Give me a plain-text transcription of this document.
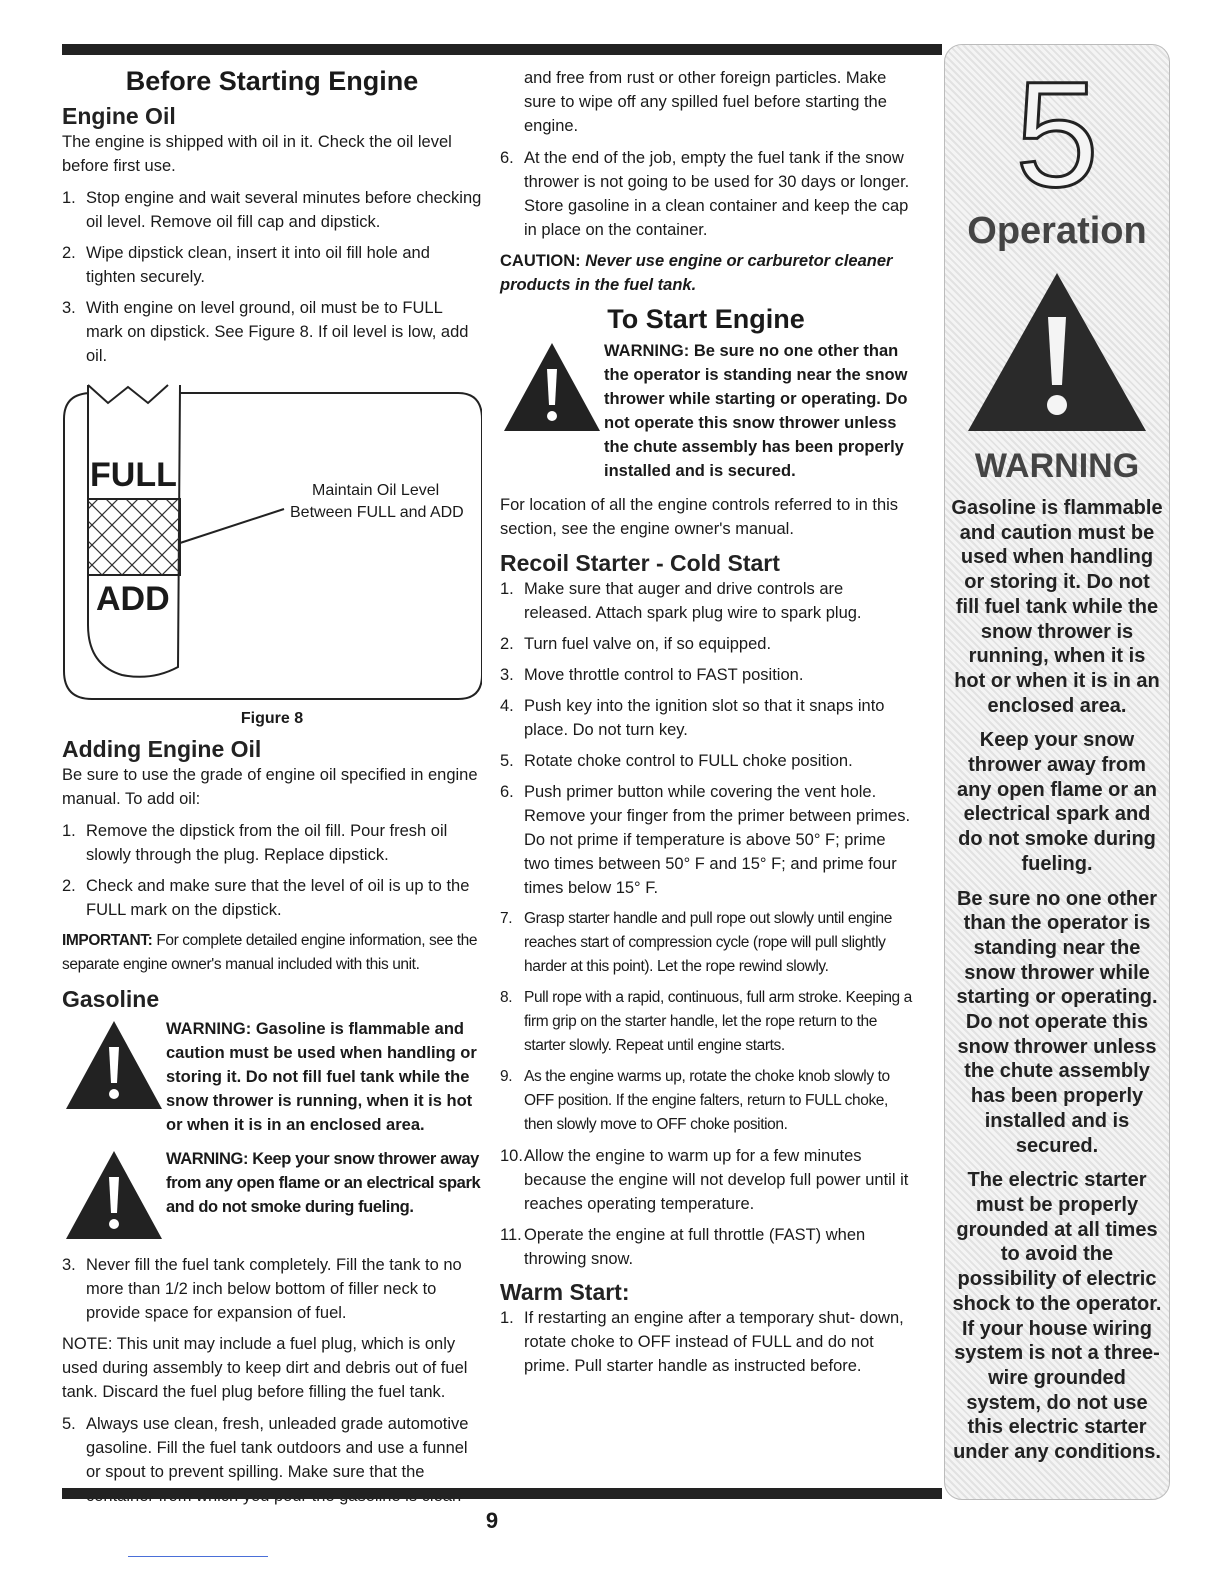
Before Starting Engine
Engine Oil

The engine is shipped with oil in it. Check the oil level before first use.

1. Stop engine and wait several minutes before checking oil level. Remove oil fill cap and dipstick.
2. Wipe dipstick clean, insert it into oil fill hole and tighten securely.
3. With engine on level ground, oil must be to FULL mark on dipstick. See Figure 8. If oil level is low, add oil.
FULL
ADD
Maintain Oil Level
Between FULL and ADD
Figure 8
Adding Engine Oil

Be sure to use the grade of engine oil specified in engine manual. To add oil:

1. Remove the dipstick from the oil fill. Pour fresh oil slowly through the plug. Replace dipstick.
2. Check and make sure that the level of oil is up to the FULL mark on the dipstick.

IMPORTANT: For complete detailed engine information, see the separate engine owner's manual included with this unit.

Gasoline
WARNING: Gasoline is flammable and caution must be used when handling or storing it. Do not fill fuel tank while the snow thrower is running, when it is hot or when it is in an enclosed area.
WARNING: Keep your snow thrower away from any open flame or an electrical spark and do not smoke during fueling.
3. Never fill the fuel tank completely. Fill the tank to no more than 1/2 inch below bottom of filler neck to provide space for expansion of fuel.

NOTE: This unit may include a fuel plug, which is only used during assembly to keep dirt and debris out of fuel tank. Discard the fuel plug before filling the fuel tank.

5. Always use clean, fresh, unleaded grade automotive gasoline. Fill the fuel tank outdoors and use a funnel or spout to prevent spilling. Make sure that the

and free from rust or other foreign particles. Make sure to wipe off any spilled fuel before starting the engine.

6. At the end of the job, empty the fuel tank if the snow thrower is not going to be used for 30 days or longer. Store gasoline in a clean container and keep the cap in place on the container.

CAUTION: Never use engine or carburetor cleaner products in the fuel tank.

To Start Engine
WARNING: Be sure no one other than the operator is standing near the snow thrower while starting or operating. Do not operate this snow thrower unless the chute assembly has been properly installed and is secured.

For location of all the engine controls referred to in this section, see the engine owner's manual.

Recoil Starter - Cold Start
1. Make sure that auger and drive controls are released. Attach spark plug wire to spark plug.
2. Turn fuel valve on, if so equipped.
3. Move throttle control to FAST position.
4. Push key into the ignition slot so that it snaps into place. Do not turn key.
5. Rotate choke control to FULL choke position.
6. Push primer button while covering the vent hole. Remove your finger from the primer between primes. Do not prime if temperature is above 50° F; prime two times between 50° F and 15° F; and prime four times below 15° F.
7. Grasp starter handle and pull rope out slowly until engine reaches start of compression cycle (rope will pull slightly harder at this point). Let the rope rewind slowly.
8. Pull rope with a rapid, continuous, full arm stroke. Keeping a firm grip on the starter handle, let the rope return to the starter slowly. Repeat until engine starts.
9. As the engine warms up, rotate the choke knob slowly to OFF position. If the engine falters, return to FULL choke, then slowly move to OFF choke position.
10. Allow the engine to warm up for a few minutes because the engine will not develop full power until it reaches operating temperature.
11. Operate the engine at full throttle (FAST) when throwing snow.
Warm Start:
1. If restarting an engine after a temporary shut- down, rotate choke to OFF instead of FULL and do not prime. Pull starter handle as instructed before.
5
Operation
WARNING
Gasoline is flammable and caution must be used when handling or storing it. Do not fill fuel tank while the snow thrower is running, when it is hot or when it is in an enclosed area.
Keep your snow thrower away from any open flame or an electrical spark and do not smoke during fueling.
Be sure no one other than the operator is standing near the snow thrower while starting or operating. Do not operate this snow thrower unless the chute assembly has been properly installed and is secured.
The electric starter must be properly grounded at all times to avoid the possibility of electric shock to the operator. If your house wiring system is not a three-wire grounded system, do not use this electric starter under any conditions.
9
